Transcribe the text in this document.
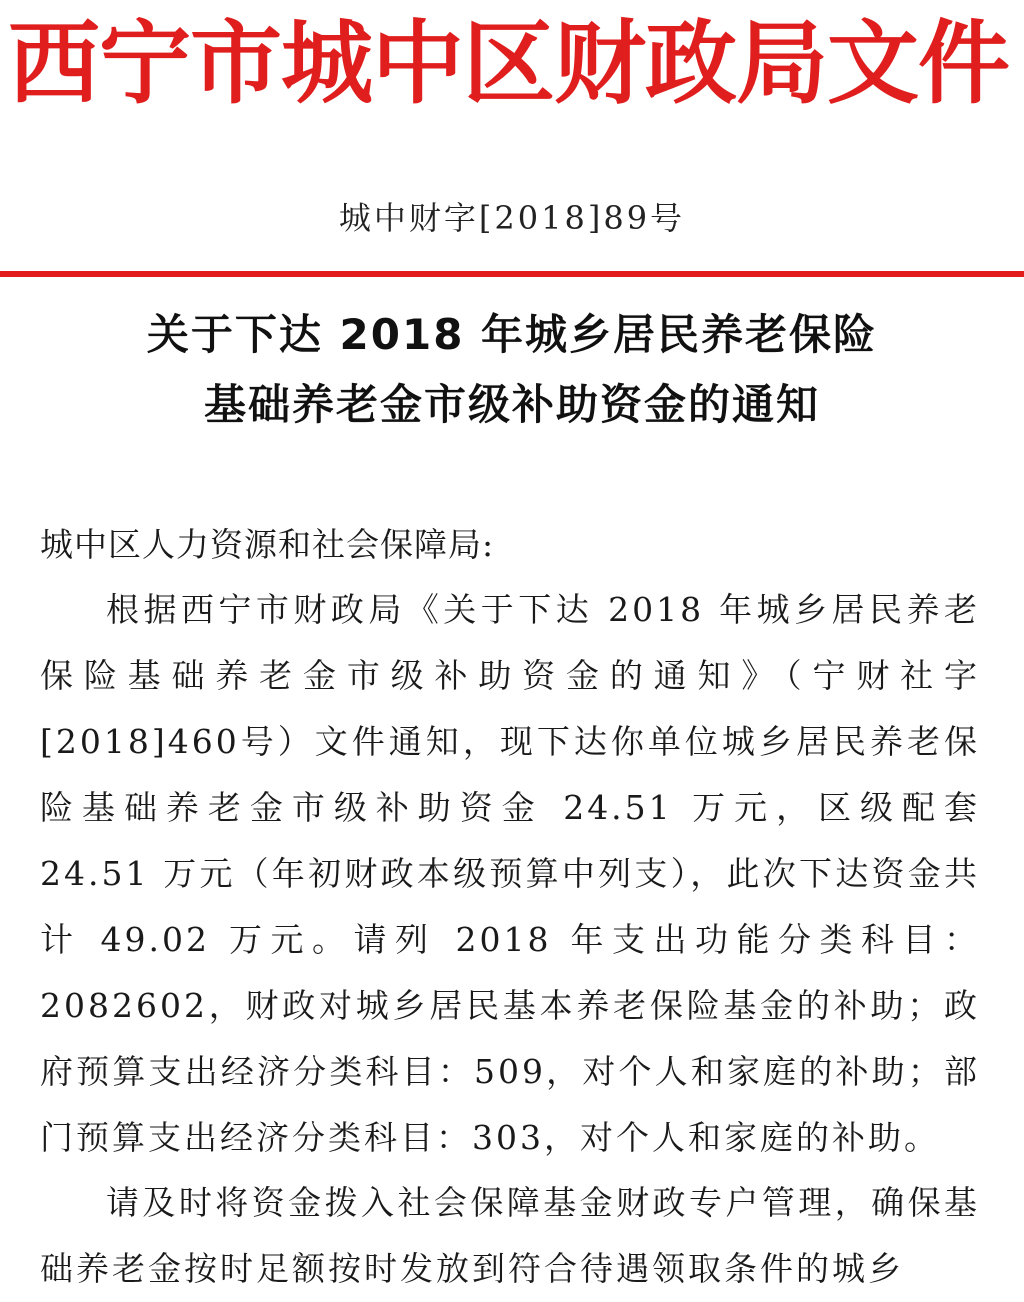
西宁市城中区财政局文件
城中财字[2018]89号
关于下达 2018 年城乡居民养老保险
基础养老金市级补助资金的通知
城中区人力资源和社会保障局:

根据西宁市财政局《关于下达 2018 年城乡居民养老保险基础养老金市级补助资金的通知》（宁财社字[2018]460号）文件通知，现下达你单位城乡居民养老保险基础养老金市级补助资金 24.51 万元，区级配套 24.51 万元（年初财政本级预算中列支），此次下达资金共计 49.02 万元。请列 2018 年支出功能分类科目：2082602，财政对城乡居民基本养老保险基金的补助；政府预算支出经济分类科目：509，对个人和家庭的补助；部门预算支出经济分类科目：303，对个人和家庭的补助。

请及时将资金拨入社会保障基金财政专户管理，确保基础养老金按时足额按时发放到符合待遇领取条件的城乡
